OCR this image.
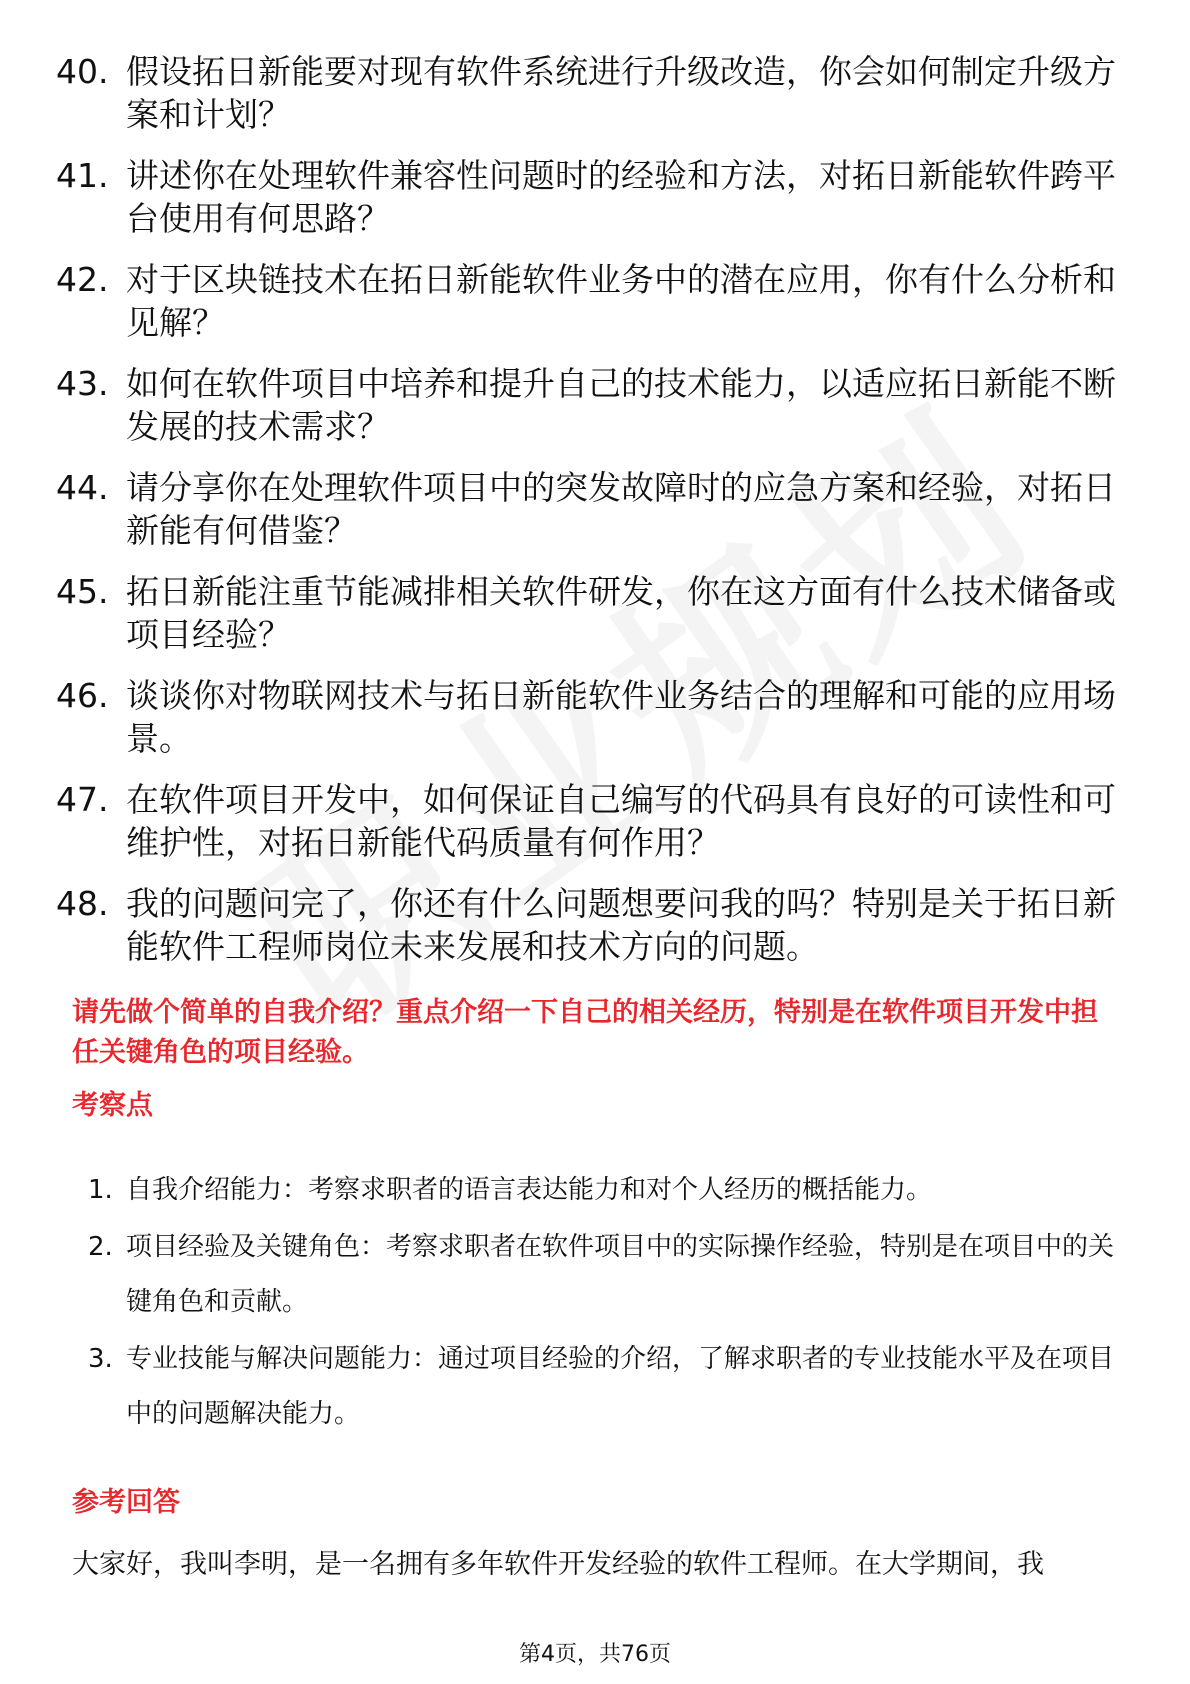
40. 假设拓日新能要对现有软件系统进行升级改造，你会如何制定升级方案和计划？
41. 讲述你在处理软件兼容性问题时的经验和方法，对拓日新能软件跨平台使用有何思路？
42. 对于区块链技术在拓日新能软件业务中的潜在应用，你有什么分析和见解？
43. 如何在软件项目中培养和提升自己的技术能力，以适应拓日新能不断发展的技术需求？
44. 请分享你在处理软件项目中的突发故障时的应急方案和经验，对拓日新能有何借鉴？
45. 拓日新能注重节能减排相关软件研发，你在这方面有什么技术储备或项目经验？
46. 谈谈你对物联网技术与拓日新能软件业务结合的理解和可能的应用场景。
47. 在软件项目开发中，如何保证自己编写的代码具有良好的可读性和可维护性，对拓日新能代码质量有何作用？
48. 我的问题问完了，你还有什么问题想要问我的吗？特别是关于拓日新能软件工程师岗位未来发展和技术方向的问题。

请先做个简单的自我介绍？重点介绍一下自己的相关经历，特别是在软件项目开发中担任关键角色的项目经验。

考察点
1. 自我介绍能力：考察求职者的语言表达能力和对个人经历的概括能力。
2. 项目经验及关键角色：考察求职者在软件项目中的实际操作经验，特别是在项目中的关键角色和贡献。
3. 专业技能与解决问题能力：通过项目经验的介绍，了解求职者的专业技能水平及在项目中的问题解决能力。
参考回答

大家好，我叫李明，是一名拥有多年软件开发经验的软件工程师。在大学期间，我

第4页，共76页
